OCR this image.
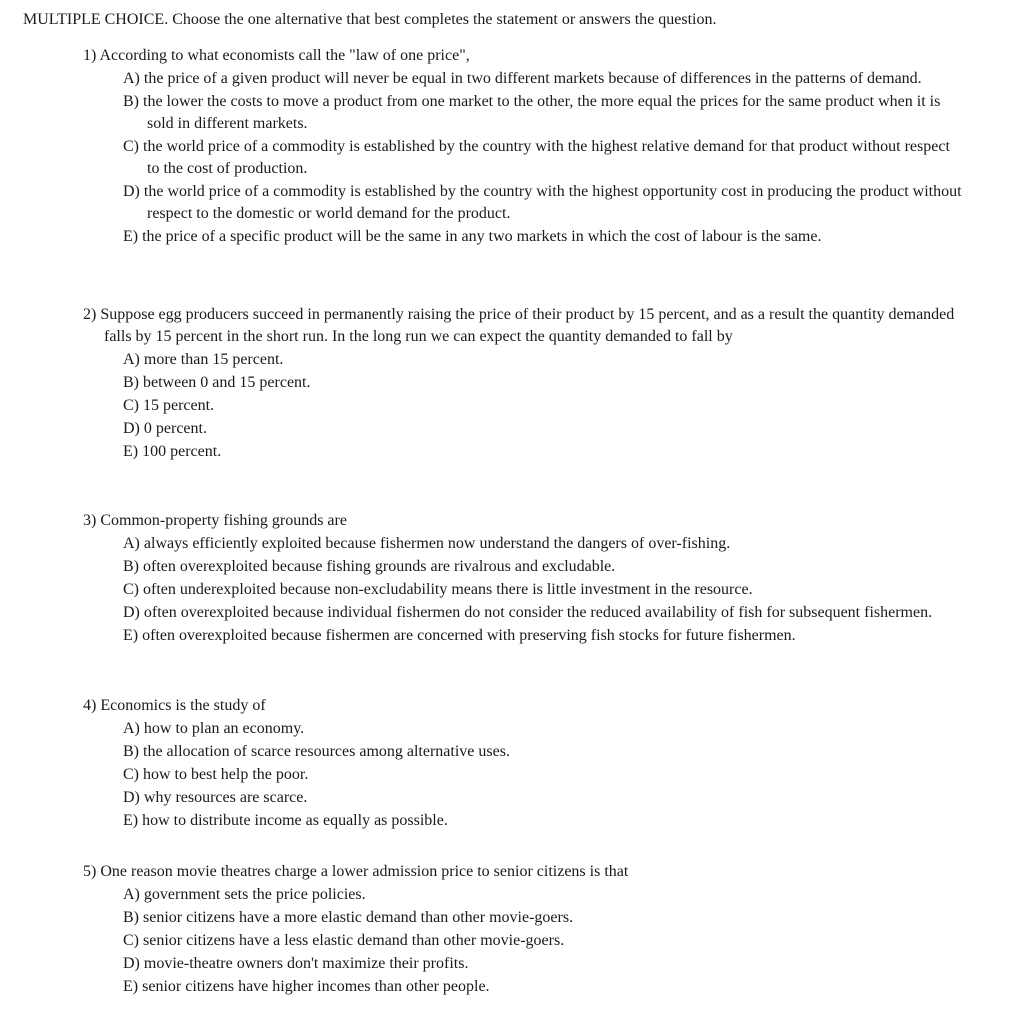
MULTIPLE CHOICE. Choose the one alternative that best completes the statement or answers the question.
1) According to what economists call the "law of one price",
A) the price of a given product will never be equal in two different markets because of differences in the patterns of demand.
B) the lower the costs to move a product from one market to the other, the more equal the prices for the same product when it is sold in different markets.
C) the world price of a commodity is established by the country with the highest relative demand for that product without respect to the cost of production.
D) the world price of a commodity is established by the country with the highest opportunity cost in producing the product without respect to the domestic or world demand for the product.
E) the price of a specific product will be the same in any two markets in which the cost of labour is the same.
2) Suppose egg producers succeed in permanently raising the price of their product by 15 percent, and as a result the quantity demanded falls by 15 percent in the short run. In the long run we can expect the quantity demanded to fall by
A) more than 15 percent.
B) between 0 and 15 percent.
C) 15 percent.
D) 0 percent.
E) 100 percent.
3) Common-property fishing grounds are
A) always efficiently exploited because fishermen now understand the dangers of over-fishing.
B) often overexploited because fishing grounds are rivalrous and excludable.
C) often underexploited because non-excludability means there is little investment in the resource.
D) often overexploited because individual fishermen do not consider the reduced availability of fish for subsequent fishermen.
E) often overexploited because fishermen are concerned with preserving fish stocks for future fishermen.
4) Economics is the study of
A) how to plan an economy.
B) the allocation of scarce resources among alternative uses.
C) how to best help the poor.
D) why resources are scarce.
E) how to distribute income as equally as possible.
5) One reason movie theatres charge a lower admission price to senior citizens is that
A) government sets the price policies.
B) senior citizens have a more elastic demand than other movie-goers.
C) senior citizens have a less elastic demand than other movie-goers.
D) movie-theatre owners don't maximize their profits.
E) senior citizens have higher incomes than other people.
